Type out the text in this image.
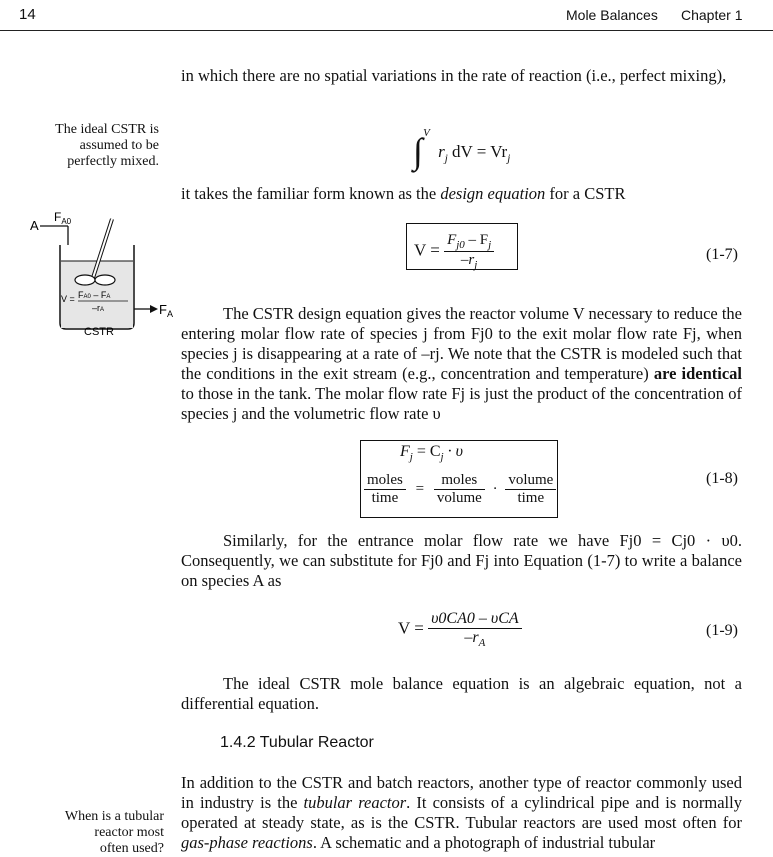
14	Mole Balances Chapter 1
in which there are no spatial variations in the rate of reaction (i.e., perfect mixing),
The ideal CSTR is
assumed to be
perfectly mixed.	∫ $^V$ $r_j$ dV = $Vr_j$
it takes the familiar form known as the design equation for a CSTR
A
$F_{A0}$
V = FA0 – FA
–rA	$F_A$
CSTR
$V = \frac{F_{j0} - F_j}{-r_j}$	(1-7)
The CSTR design equation gives the reactor volume V necessary to reduce the entering molar flow rate of species j from Fj0 to the exit molar flow rate Fj, when species j is disappearing at a rate of –rj. We note that the CSTR is modeled such that the conditions in the exit stream (e.g., concentration and temperature) are identical to those in the tank. The molar flow rate Fj is just the product of the concentration of species j and the volumetric flow rate υ
$F_j = C_j \cdot \upsilon$
$\frac{\text{moles}}{\text{time}} = \frac{\text{moles}}{\text{volume}} \cdot \frac{\text{volume}}{\text{time}}$	(1-8)
Similarly, for the entrance molar flow rate we have Fj0 = Cj0 · υ0. Consequently, we can substitute for Fj0 and Fj into Equation (1-7) to write a balance on species A as
$V = \frac{\text{υ0CA0 – υCA}}{-r_A}$	(1-9)
The ideal CSTR mole balance equation is an algebraic equation, not a differential equation.
1.4.2 Tubular Reactor
When is a tubular
reactor most
often used?
In addition to the CSTR and batch reactors, another type of reactor commonly used in industry is the tubular reactor. It consists of a cylindrical pipe and is normally operated at steady state, as is the CSTR. Tubular reactors are used most often for gas-phase reactions. A schematic and a photograph of industrial tubular
